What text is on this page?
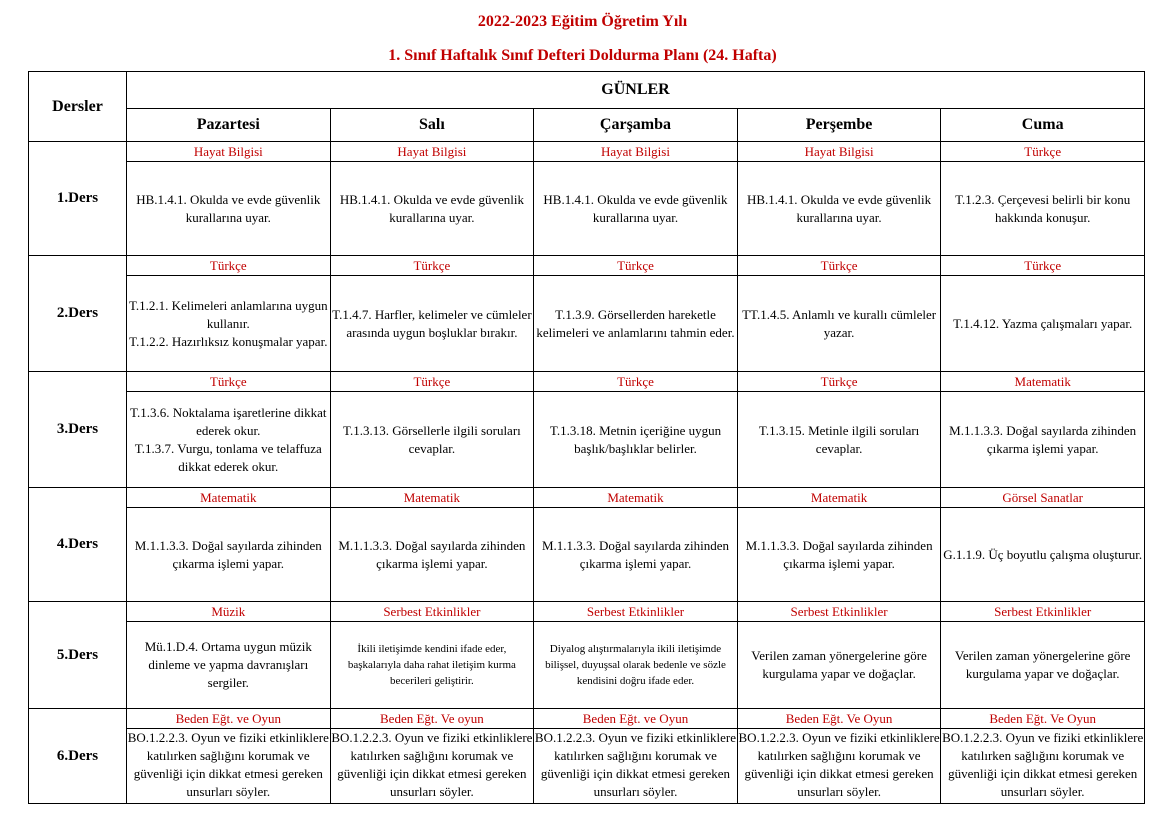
2022-2023 Eğitim Öğretim Yılı
1. Sınıf Haftalık Sınıf Defteri Doldurma Planı (24. Hafta)
Dersler	GÜNLER				
	Pazartesi	Salı	Çarşamba	Perşembe	Cuma
1.Ders	Hayat Bilgisi	Hayat Bilgisi	Hayat Bilgisi	Hayat Bilgisi	Türkçe

	HB.1.4.1. Okulda ve evde güvenlik kurallarına uyar.	HB.1.4.1. Okulda ve evde güvenlik kurallarına uyar.	HB.1.4.1. Okulda ve evde güvenlik kurallarına uyar.	HB.1.4.1. Okulda ve evde güvenlik kurallarına uyar.	T.1.2.3. Çerçevesi belirli bir konu hakkında konuşur.

2.Ders	Türkçe	Türkçe	Türkçe	Türkçe	Türkçe

	T.1.2.1. Kelimeleri anlamlarına uygun kullanır.
T.1.2.2. Hazırlıksız konuşmalar yapar.	T.1.4.7. Harfler, kelimeler ve cümleler arasında uygun boşluklar bırakır.	T.1.3.9. Görsellerden hareketle kelimeleri ve anlamlarını tahmin eder.	TT.1.4.5. Anlamlı ve kurallı cümleler yazar.	T.1.4.12. Yazma çalışmaları yapar.

3.Ders	Türkçe	Türkçe	Türkçe	Türkçe	Matematik

	T.1.3.6. Noktalama işaretlerine dikkat ederek okur.
T.1.3.7. Vurgu, tonlama ve telaffuza dikkat ederek okur.	T.1.3.13. Görsellerle ilgili soruları cevaplar.	T.1.3.18. Metnin içeriğine uygun başlık/başlıklar belirler.	T.1.3.15. Metinle ilgili soruları cevaplar.	M.1.1.3.3. Doğal sayılarda zihinden çıkarma işlemi yapar.

4.Ders	Matematik	Matematik	Matematik	Matematik	Görsel Sanatlar

	M.1.1.3.3. Doğal sayılarda zihinden çıkarma işlemi yapar.	M.1.1.3.3. Doğal sayılarda zihinden çıkarma işlemi yapar.	M.1.1.3.3. Doğal sayılarda zihinden çıkarma işlemi yapar.	M.1.1.3.3. Doğal sayılarda zihinden çıkarma işlemi yapar.	G.1.1.9. Üç boyutlu çalışma oluşturur.

5.Ders	Müzik	Serbest Etkinlikler	Serbest Etkinlikler	Serbest Etkinlikler	Serbest Etkinlikler

	Mü.1.D.4. Ortama uygun müzik dinleme ve yapma davranışları sergiler.	İkili iletişimde kendini ifade eder, başkalarıyla daha rahat iletişim kurma becerileri geliştirir.	Diyalog alıştırmalarıyla ikili iletişimde bilişsel, duyuşsal olarak bedenle ve sözle kendisini doğru ifade eder.	Verilen zaman yönergelerine göre kurgulama yapar ve doğaçlar.	Verilen zaman yönergelerine göre kurgulama yapar ve doğaçlar.

6.Ders	Beden Eğt. ve Oyun	Beden Eğt. Ve oyun	Beden Eğt. ve Oyun	Beden Eğt. Ve Oyun	Beden Eğt. Ve Oyun

	BO.1.2.2.3. Oyun ve fiziki etkinliklere katılırken sağlığını korumak ve güvenliği için dikkat etmesi gereken unsurları söyler.	BO.1.2.2.3. Oyun ve fiziki etkinliklere katılırken sağlığını korumak ve güvenliği için dikkat etmesi gereken unsurları söyler.	BO.1.2.2.3. Oyun ve fiziki etkinliklere katılırken sağlığını korumak ve güvenliği için dikkat etmesi gereken unsurları söyler.	BO.1.2.2.3. Oyun ve fiziki etkinliklere katılırken sağlığını korumak ve güvenliği için dikkat etmesi gereken unsurları söyler.	BO.1.2.2.3. Oyun ve fiziki etkinliklere katılırken sağlığını korumak ve güvenliği için dikkat etmesi gereken unsurları söyler.
